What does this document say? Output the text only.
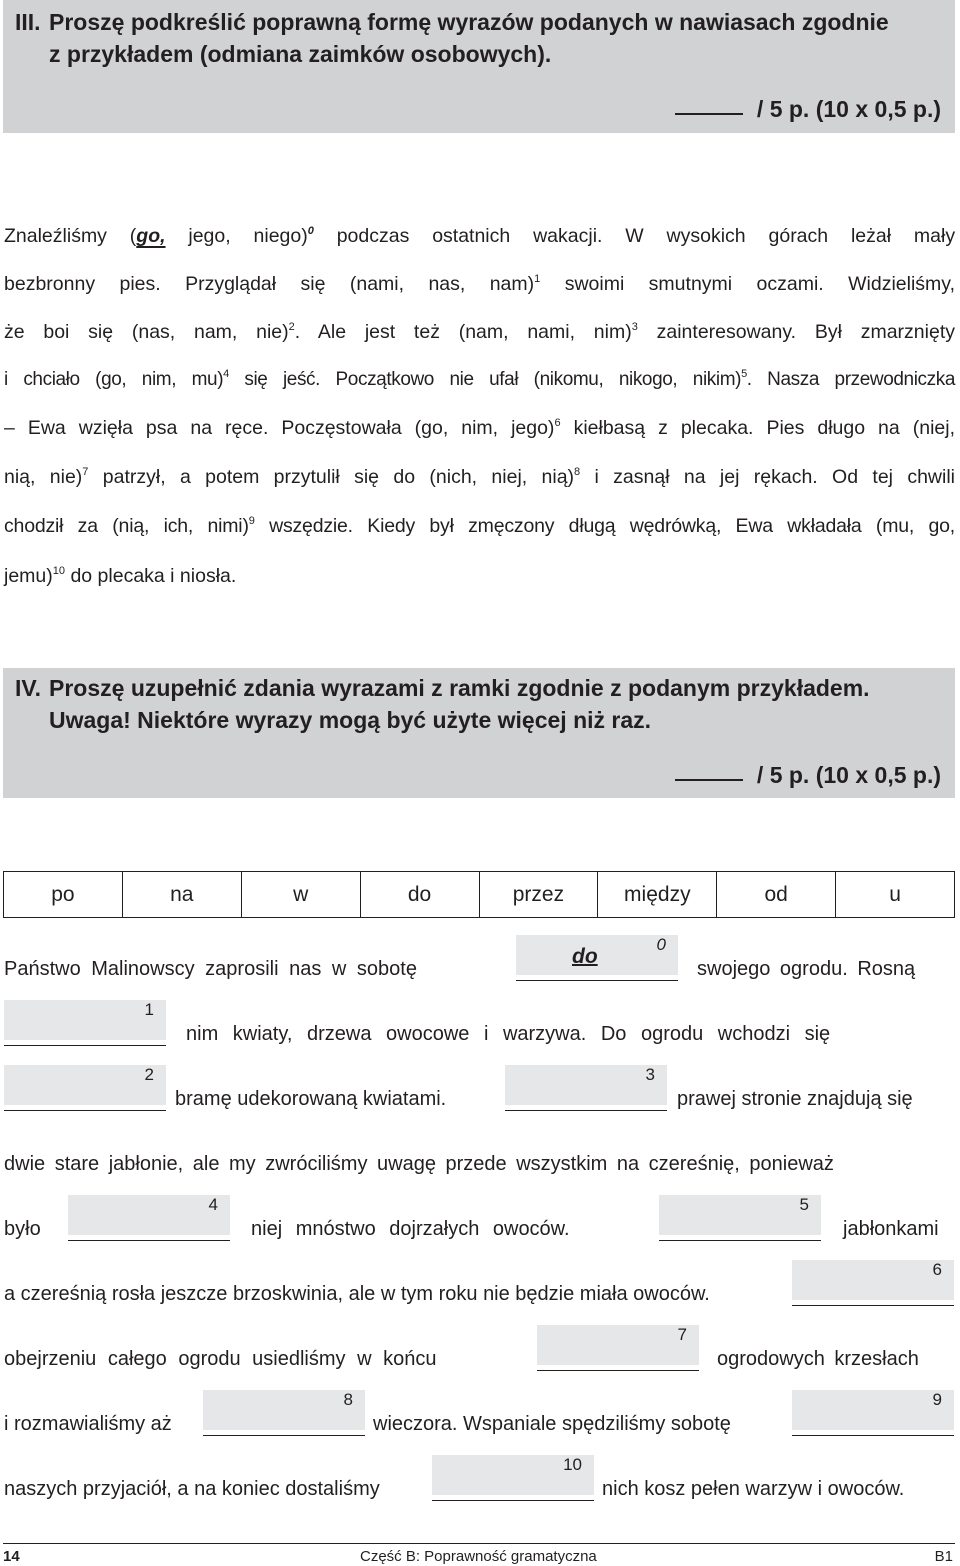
III. Proszę podkreślić poprawną formę wyrazów podanych w nawiasach zgodnie
z przykładem (odmiana zaimków osobowych).
/ 5 p. (10 x 0,5 p.)
Znaleźliśmy (go, jego, niego)$^0$ podczas ostatnich wakacji. W wysokich górach leżał mały
bezbronny pies. Przyglądał się (nami, nas, nam)$^1$ swoimi smutnymi oczami. Widzieliśmy,
że boi się (nas, nam, nie)$^2$. Ale jest też (nam, nami, nim)$^3$ zainteresowany. Był zmarznięty
i chciało (go, nim, mu)$^4$ się jeść. Początkowo nie ufał (nikomu, nikogo, nikim)$^5$. Nasza przewodniczka
– Ewa wzięła psa na ręce. Poczęstowała (go, nim, jego)$^6$ kiełbasą z plecaka. Pies długo na (niej,
nią, nie)$^7$ patrzył, a potem przytulił się do (nich, niej, nią)$^8$ i zasnął na jej rękach. Od tej chwili
chodził za (nią, ich, nimi)$^9$ wszędzie. Kiedy był zmęczony długą wędrówką, Ewa wkładała (mu, go,
jemu)$^{10}$ do plecaka i niosła.
IV. Proszę uzupełnić zdania wyrazami z ramki zgodnie z podanym przykładem.
Uwaga! Niektóre wyrazy mogą być użyte więcej niż raz.
/ 5 p. (10 x 0,5 p.)
po	na	w	do	przez	między	od	u
Państwo Malinowscy zaprosili nas w sobotę
0
do
swojego ogrodu. Rosną
1
nim kwiaty, drzewa owocowe i warzywa. Do ogrodu wchodzi się
2
bramę udekorowaną kwiatami.
3
prawej stronie znajdują się
dwie stare jabłonie, ale my zwróciliśmy uwagę przede wszystkim na czereśnię, ponieważ
było
4
niej mnóstwo dojrzałych owoców.
5
jabłonkami
a czereśnią rosła jeszcze brzoskwinia, ale w tym roku nie będzie miała owoców.
6
obejrzeniu całego ogrodu usiedliśmy w końcu
7
ogrodowych krzesłach
i rozmawialiśmy aż
8
wieczora. Wspaniale spędziliśmy sobotę
9
naszych przyjaciół, a na koniec dostaliśmy
10
nich kosz pełen warzyw i owoców.
14	Część B: Poprawność gramatyczna	B1
